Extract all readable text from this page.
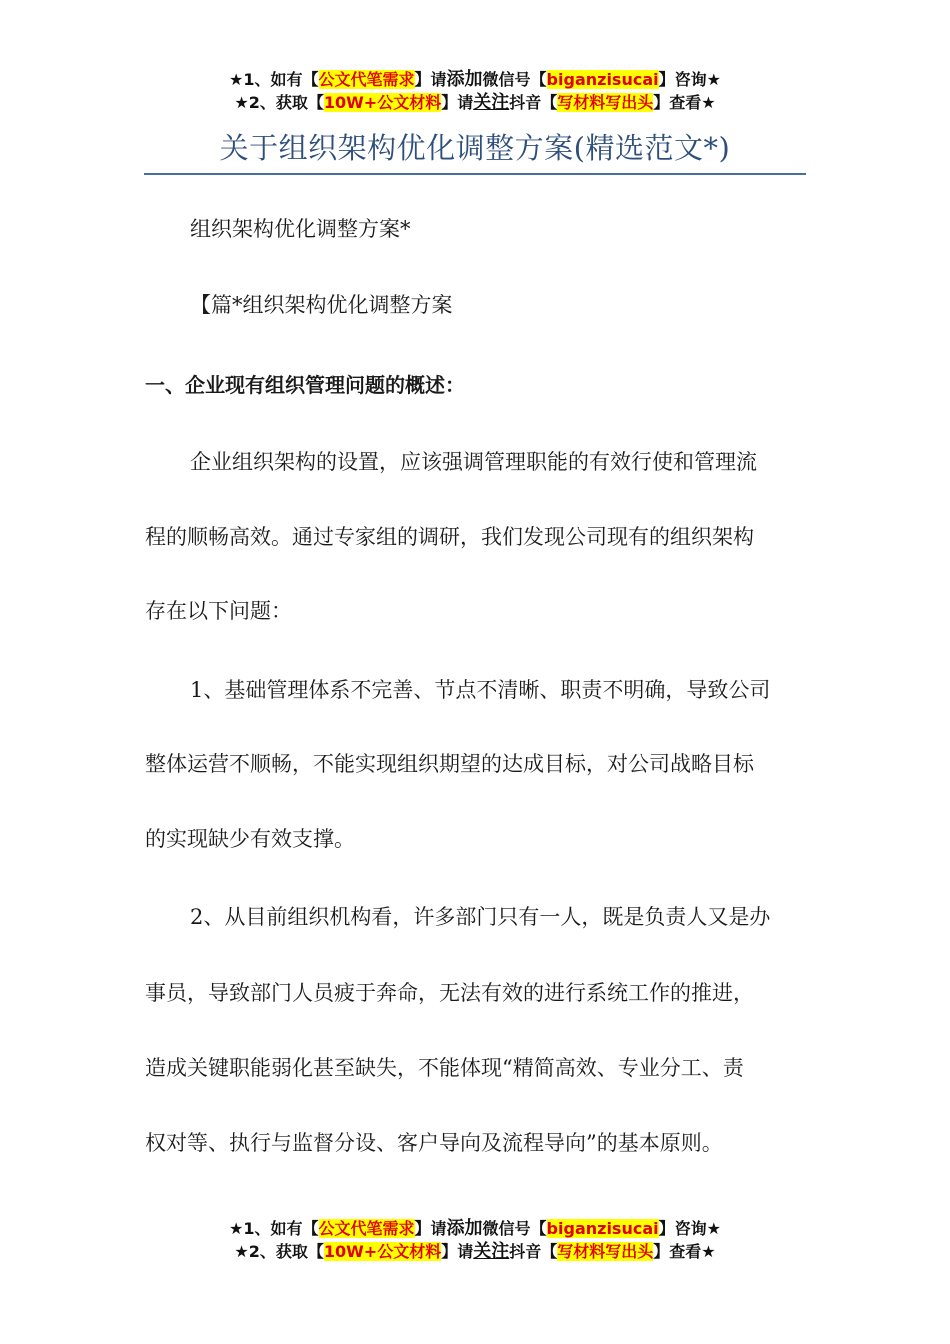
★1、如有【公文代笔需求】请添加微信号【biganzisucai】咨询★
★2、获取【10W+公文材料】请关注抖音【写材料写出头】查看★
关于组织架构优化调整方案(精选范文*)
组织架构优化调整方案*
【篇*组织架构优化调整方案
一、企业现有组织管理问题的概述：
企业组织架构的设置，应该强调管理职能的有效行使和管理流
程的顺畅高效。通过专家组的调研，我们发现公司现有的组织架构
存在以下问题：
1、基础管理体系不完善、节点不清晰、职责不明确，导致公司
整体运营不顺畅，不能实现组织期望的达成目标，对公司战略目标
的实现缺少有效支撑。
2、从目前组织机构看，许多部门只有一人，既是负责人又是办
事员，导致部门人员疲于奔命，无法有效的进行系统工作的推进，
造成关键职能弱化甚至缺失，不能体现“精简高效、专业分工、责
权对等、执行与监督分设、客户导向及流程导向”的基本原则。
★1、如有【公文代笔需求】请添加微信号【biganzisucai】咨询★
★2、获取【10W+公文材料】请关注抖音【写材料写出头】查看★
